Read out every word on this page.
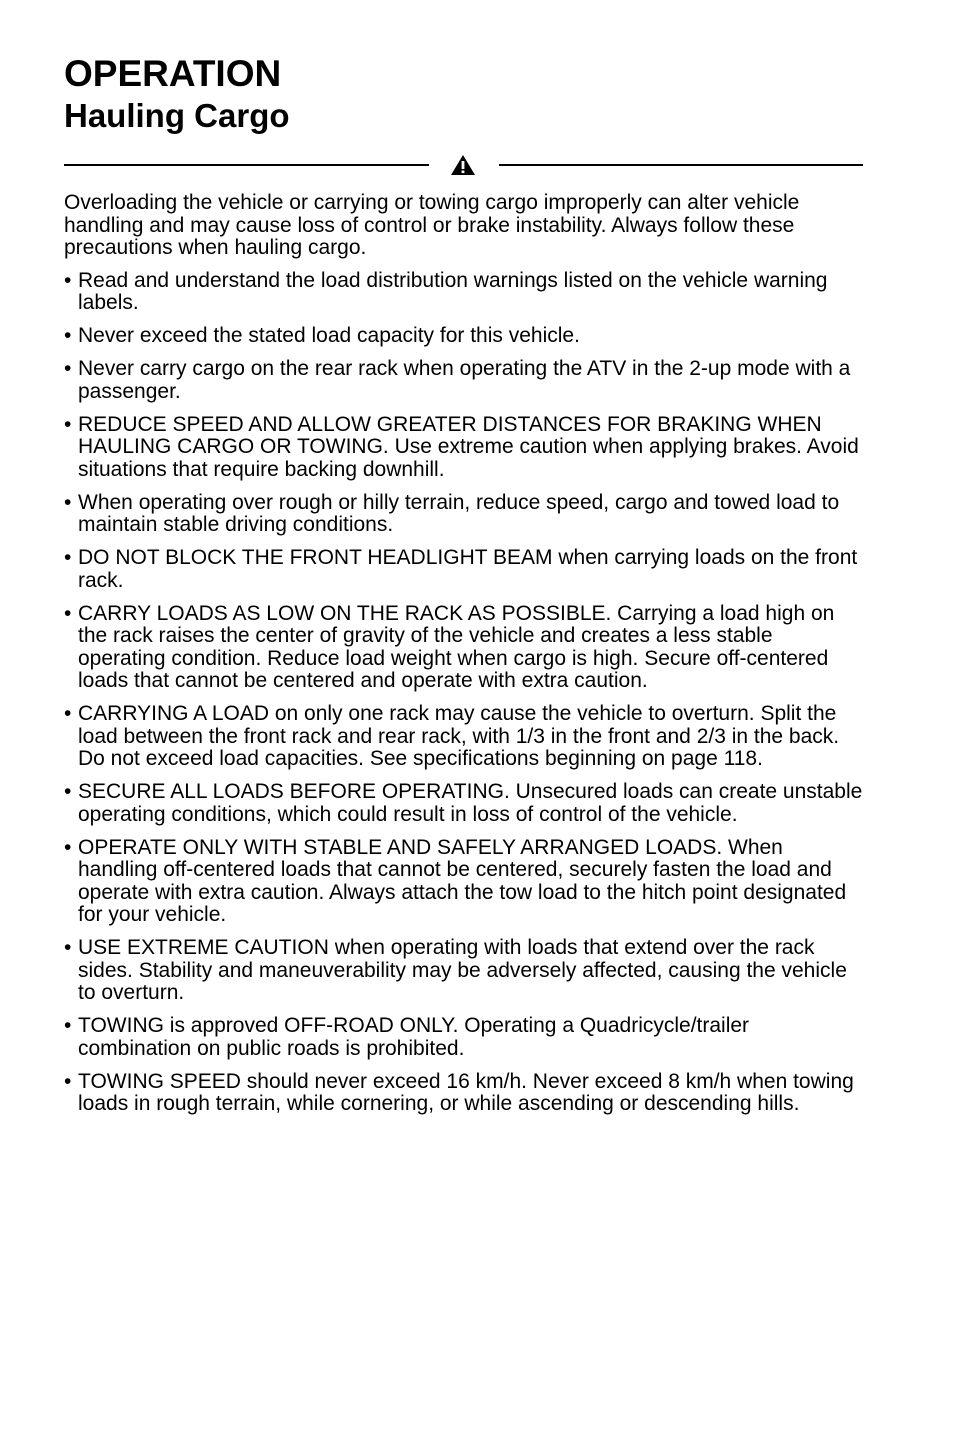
OPERATION
Hauling Cargo

Overloading the vehicle or carrying or towing cargo improperly can alter vehicle handling and may cause loss of control or brake instability. Always follow these precautions when hauling cargo.

• Read and understand the load distribution warnings listed on the vehicle warning labels.
• Never exceed the stated load capacity for this vehicle.
• Never carry cargo on the rear rack when operating the ATV in the 2-up mode with a passenger.
• REDUCE SPEED AND ALLOW GREATER DISTANCES FOR BRAKING WHEN HAULING CARGO OR TOWING. Use extreme caution when applying brakes. Avoid situations that require backing downhill.
• When operating over rough or hilly terrain, reduce speed, cargo and towed load to maintain stable driving conditions.
• DO NOT BLOCK THE FRONT HEADLIGHT BEAM when carrying loads on the front rack.
• CARRY LOADS AS LOW ON THE RACK AS POSSIBLE. Carrying a load high on the rack raises the center of gravity of the vehicle and creates a less stable operating condition. Reduce load weight when cargo is high. Secure off-centered loads that cannot be centered and operate with extra caution.
• CARRYING A LOAD on only one rack may cause the vehicle to overturn. Split the load between the front rack and rear rack, with 1/3 in the front and 2/3 in the back. Do not exceed load capacities. See specifications beginning on page 118.
• SECURE ALL LOADS BEFORE OPERATING. Unsecured loads can create unstable operating conditions, which could result in loss of control of the vehicle.
• OPERATE ONLY WITH STABLE AND SAFELY ARRANGED LOADS. When handling off-centered loads that cannot be centered, securely fasten the load and operate with extra caution. Always attach the tow load to the hitch point designated for your vehicle.
• USE EXTREME CAUTION when operating with loads that extend over the rack sides. Stability and maneuverability may be adversely affected, causing the vehicle to overturn.
• TOWING is approved OFF-ROAD ONLY. Operating a Quadricycle/trailer combination on public roads is prohibited.
• TOWING SPEED should never exceed 16 km/h. Never exceed 8 km/h when towing loads in rough terrain, while cornering, or while ascending or descending hills.
